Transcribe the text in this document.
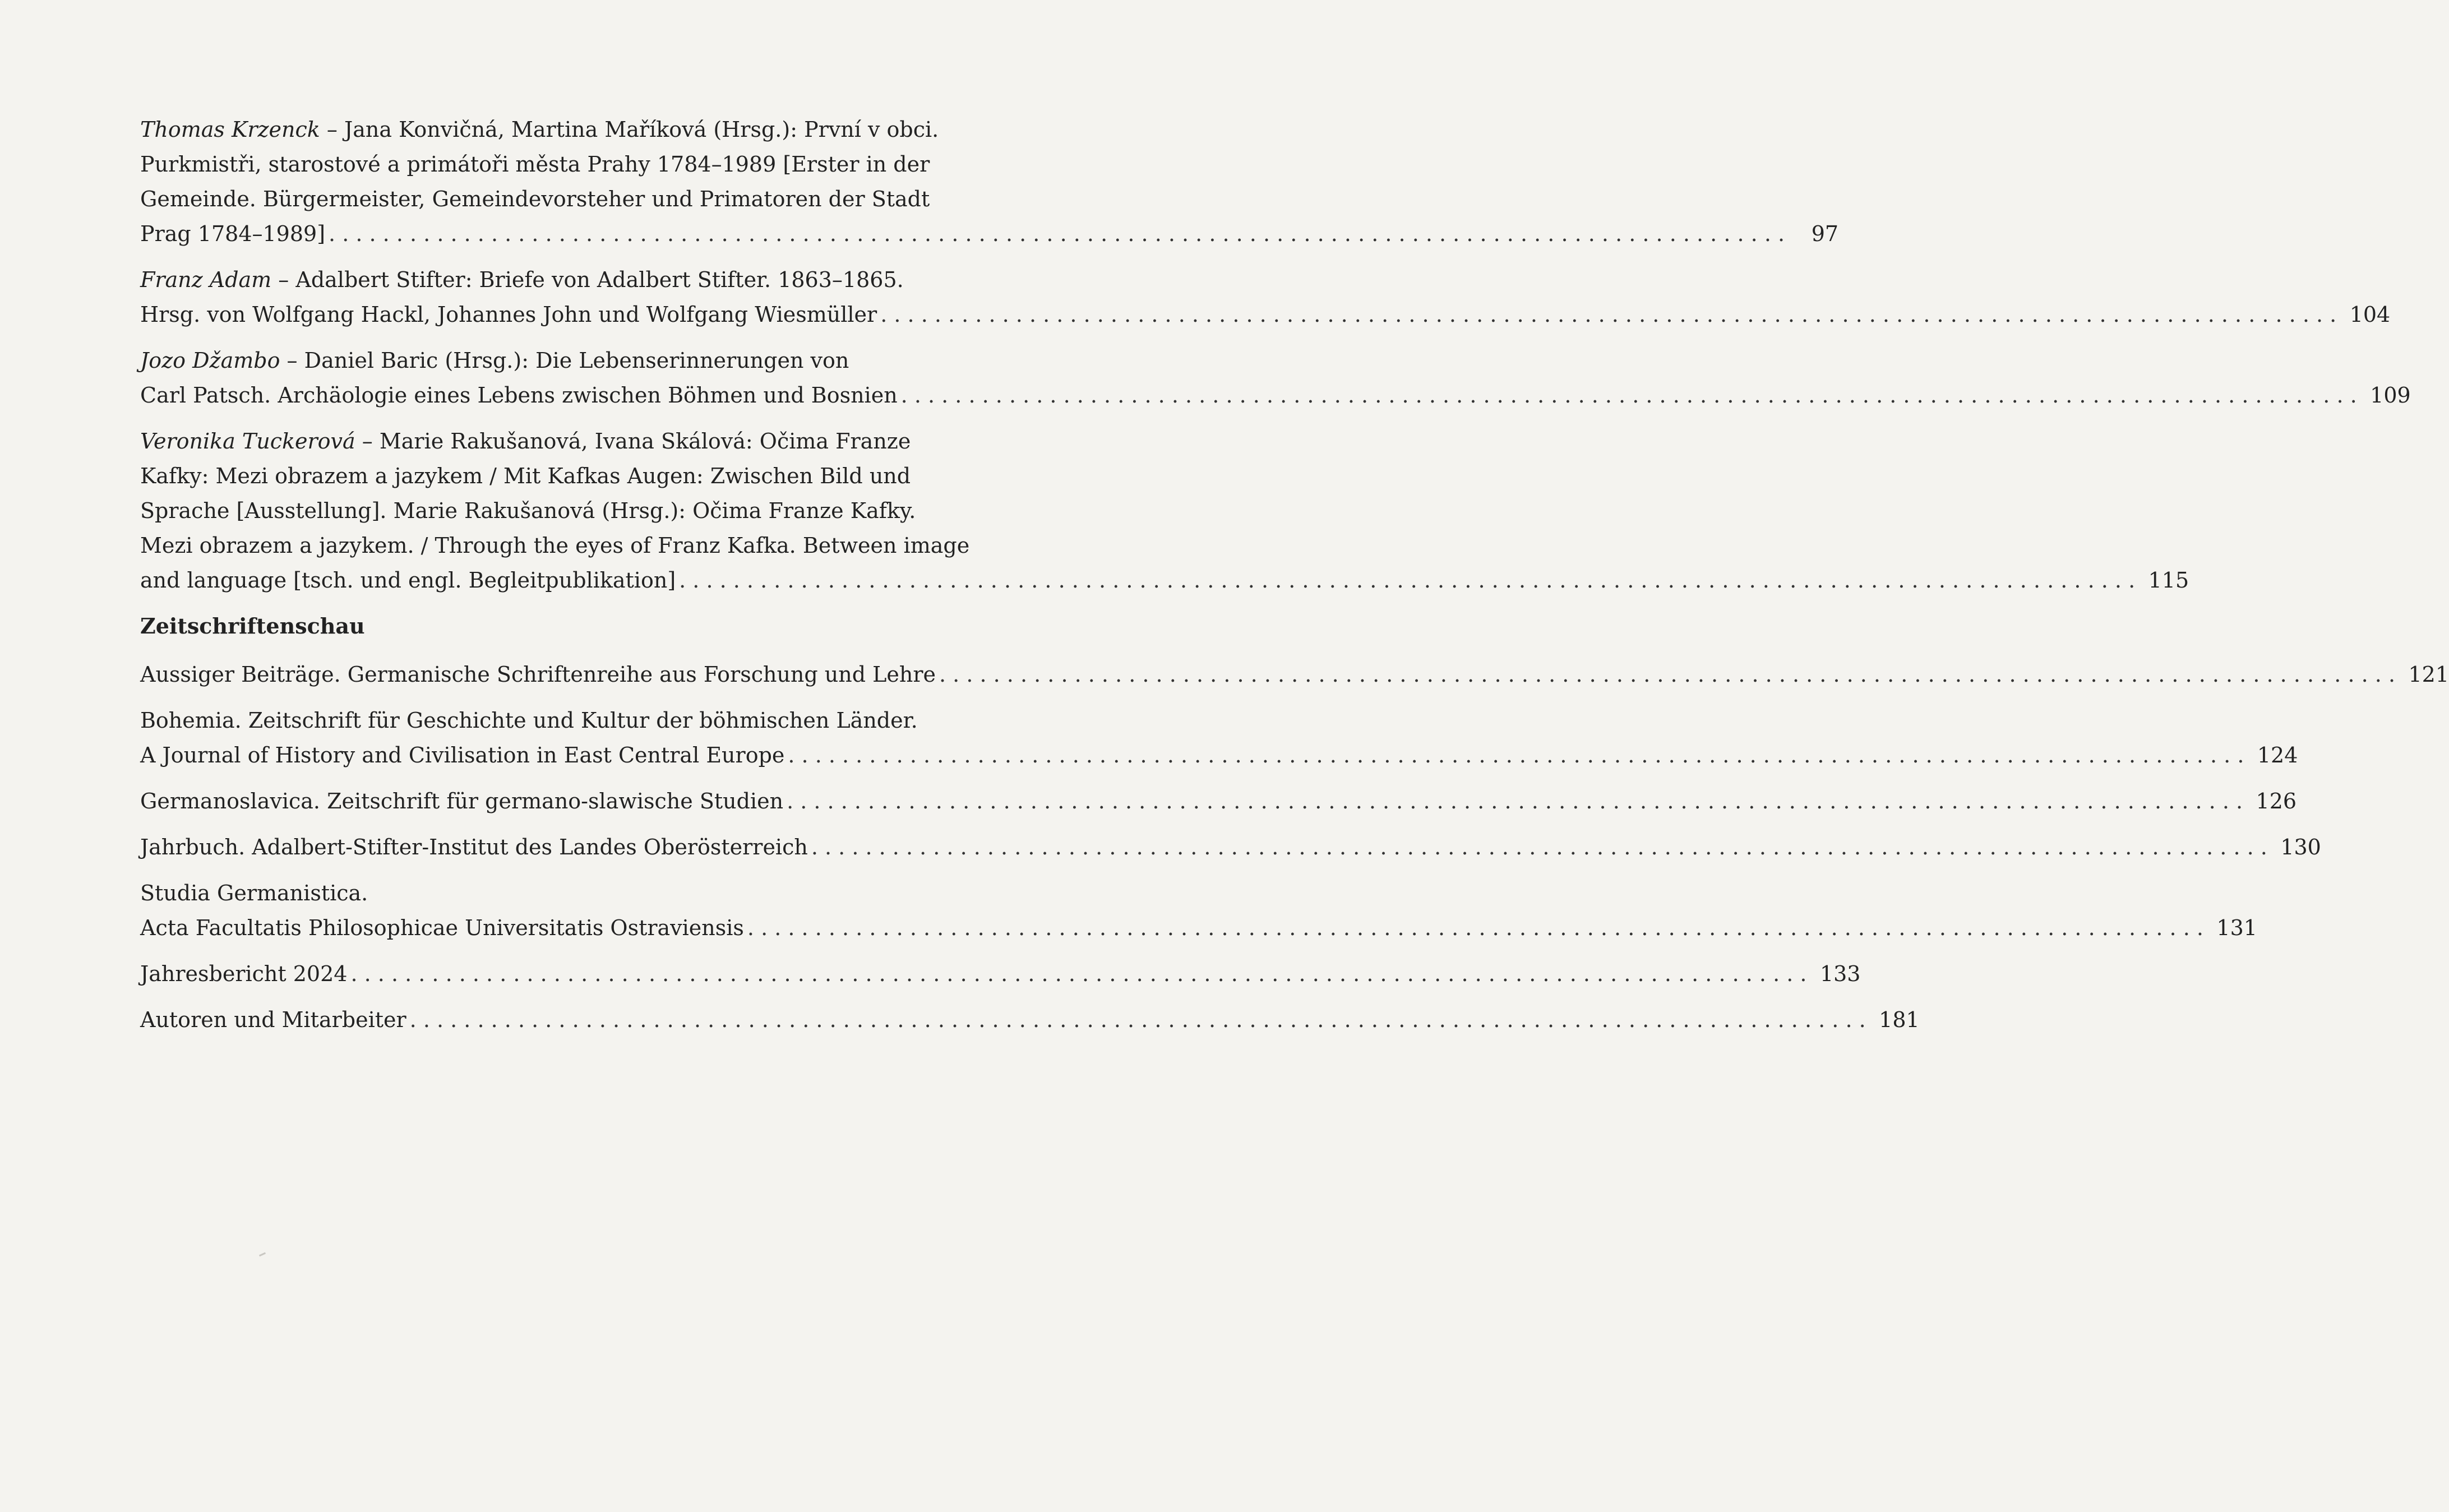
Thomas Krzenck – Jana Konvičná, Martina Maříková (Hrsg.): První v obci.
Purkmistři, starostové a primátoři města Prahy 1784–1989 [Erster in der
Gemeinde. Bürgermeister, Gemeindevorsteher und Primatoren der Stadt
Prag 1784–1989] . . .	97
Franz Adam – Adalbert Stifter: Briefe von Adalbert Stifter. 1863–1865.
Hrsg. von Wolfgang Hackl, Johannes John und Wolfgang Wiesmüller . . .	104
Jozo Džambo – Daniel Baric (Hrsg.): Die Lebenserinnerungen von
Carl Patsch. Archäologie eines Lebens zwischen Böhmen und Bosnien . . .	109
Veronika Tuckerová – Marie Rakušanová, Ivana Skálová: Očima Franze
Kafky: Mezi obrazem a jazykem / Mit Kafkas Augen: Zwischen Bild und
Sprache [Ausstellung]. Marie Rakušanová (Hrsg.): Očima Franze Kafky.
Mezi obrazem a jazykem. / Through the eyes of Franz Kafka. Between image
and language [tsch. und engl. Begleitpublikation] . . .	115
Zeitschriftenschau
Aussiger Beiträge. Germanische Schriftenreihe aus Forschung und Lehre . . .	121
Bohemia. Zeitschrift für Geschichte und Kultur der böhmischen Länder.
A Journal of History and Civilisation in East Central Europe . . .	124
Germanoslavica. Zeitschrift für germano-slawische Studien . . .	126
Jahrbuch. Adalbert-Stifter-Institut des Landes Oberösterreich . . .	130
Studia Germanistica.
Acta Facultatis Philosophicae Universitatis Ostraviensis . . .	131
Jahresbericht 2024 . . .	133
Autoren und Mitarbeiter . . .	181
